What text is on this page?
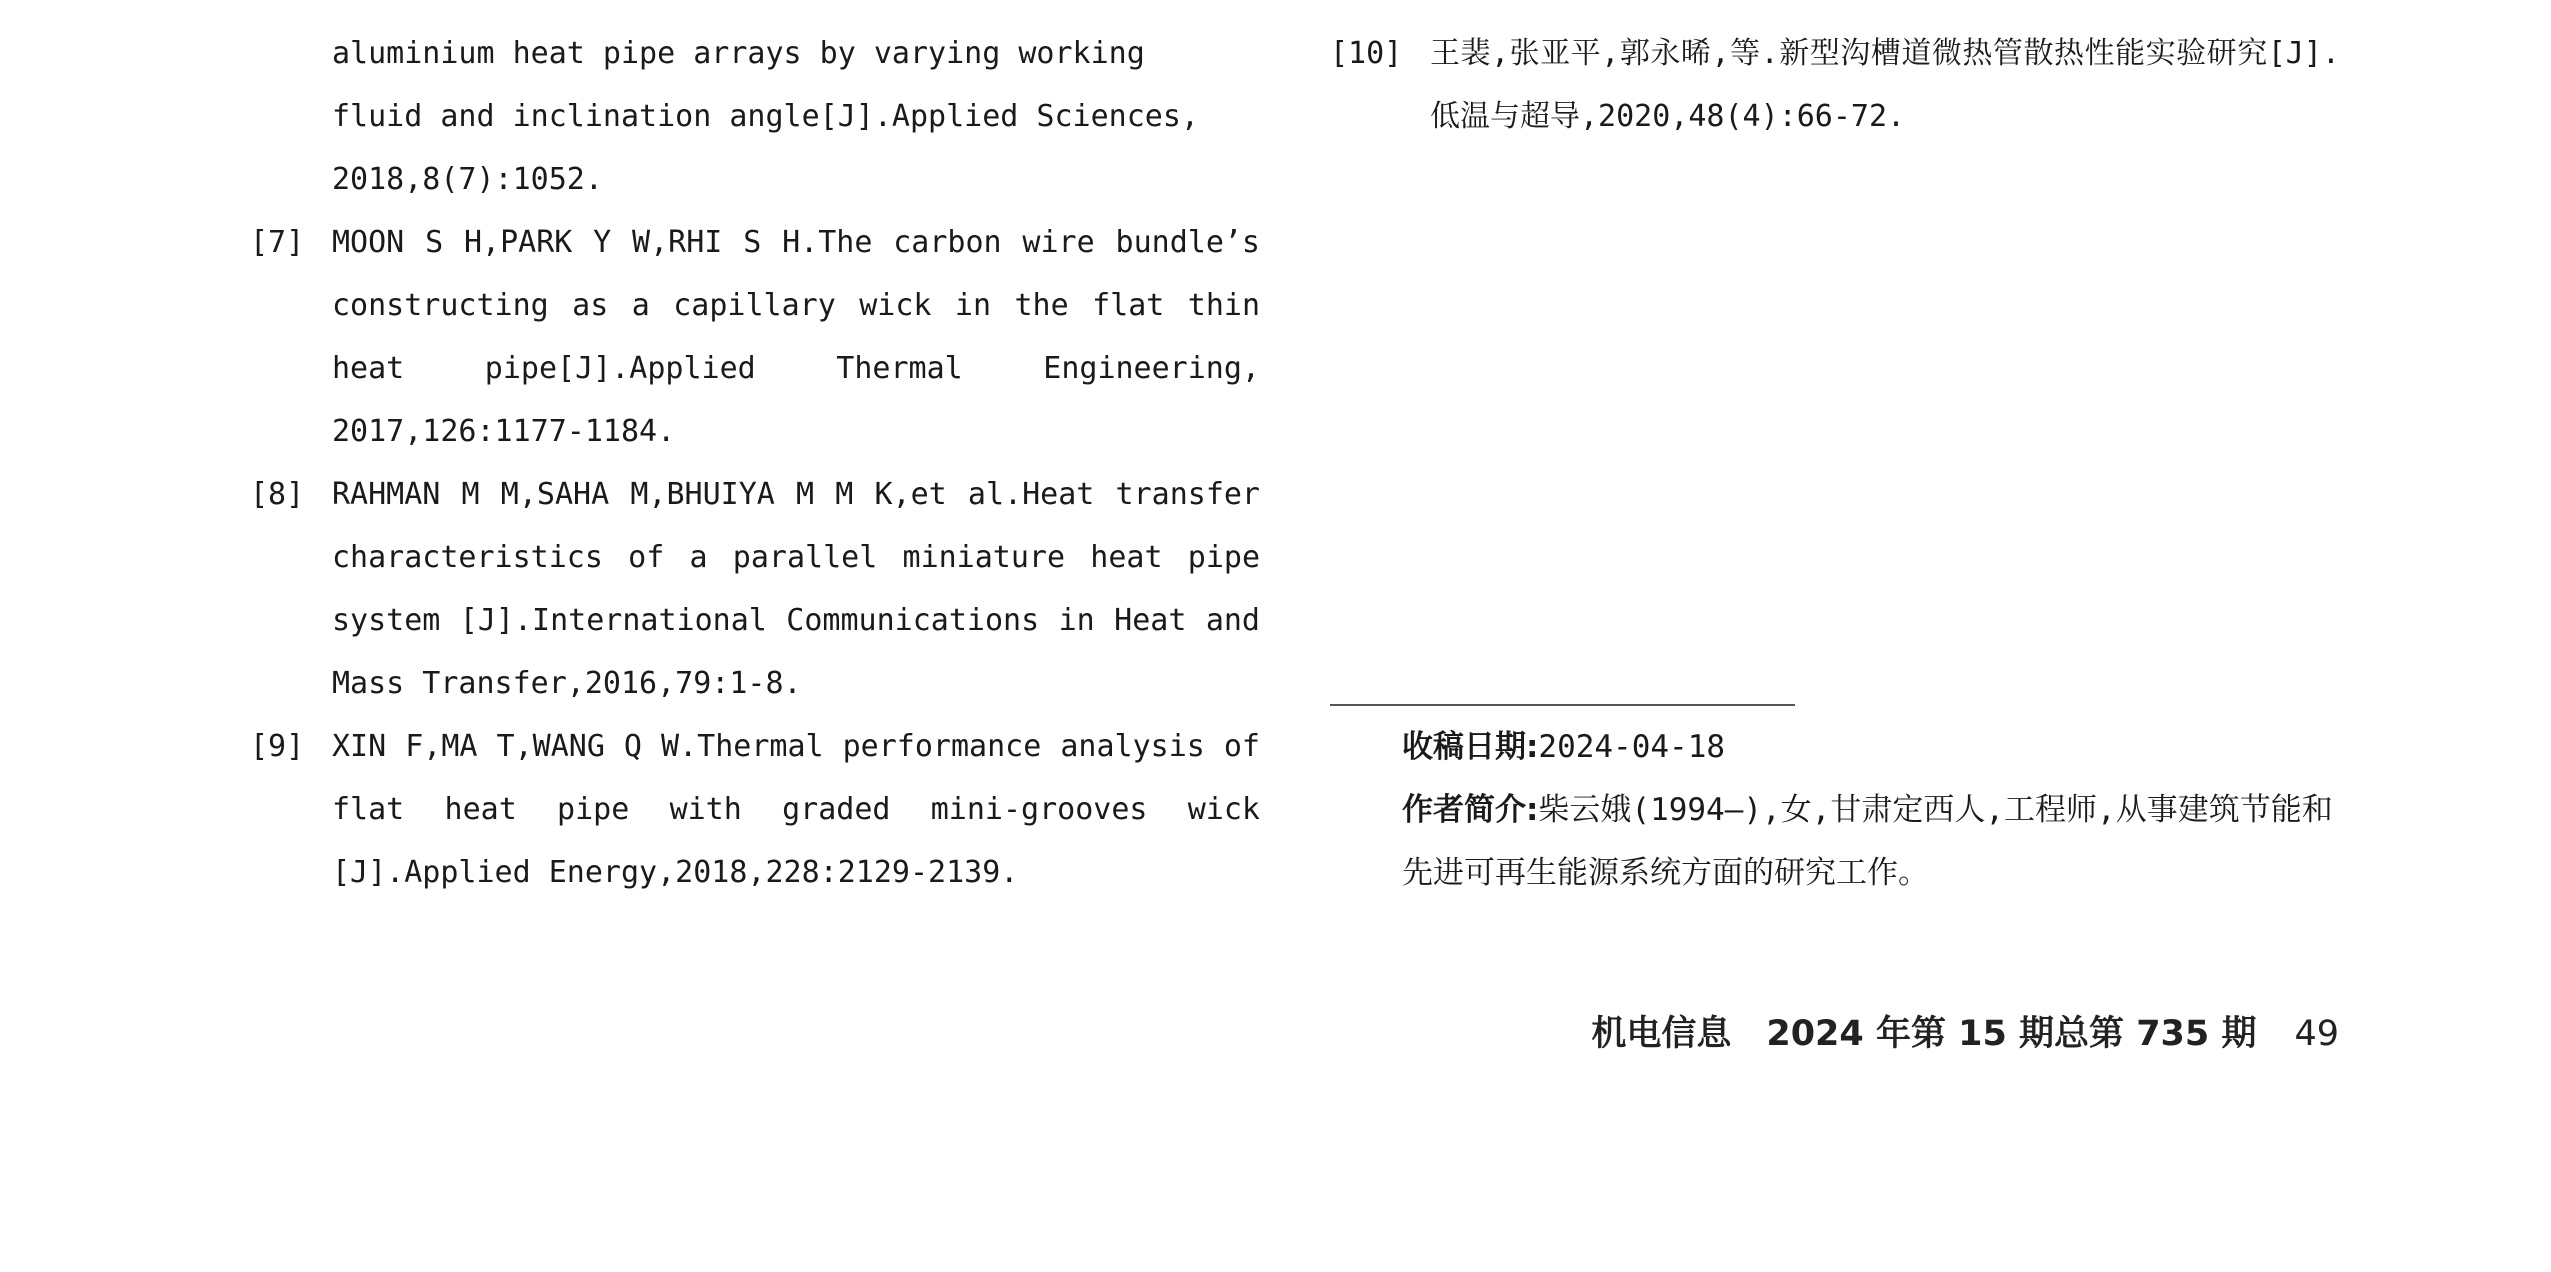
aluminium heat pipe arrays by varying working
fluid and inclination angle[J].Applied Sciences,
2018,8(7):1052.
[7] MOON S H,PARK Y W,RHI S H.The carbon wire bundle’s constructing as a capillary wick in the flat thin heat pipe[J].Applied Thermal Engineering, 2017,126:1177-1184.
[8] RAHMAN M M,SAHA M,BHUIYA M M K,et al.Heat transfer characteristics of a parallel miniature heat pipe system [J].International Communications in Heat and Mass Transfer,2016,79:1-8.
[9] XIN F,MA T,WANG Q W.Thermal performance analysis of flat heat pipe with graded mini-grooves wick [J].Applied Energy,2018,228:2129-2139.
[10] 王裴,张亚平,郭永晞,等.新型沟槽道微热管散热性能实验研究[J].低温与超导,2020,48(4):66-72.
收稿日期:2024-04-18
作者简介:柴云娥(1994—),女,甘肃定西人,工程师,从事建筑节能和先进可再生能源系统方面的研究工作。
机电信息　2024 年第 15 期总第 735 期 49
